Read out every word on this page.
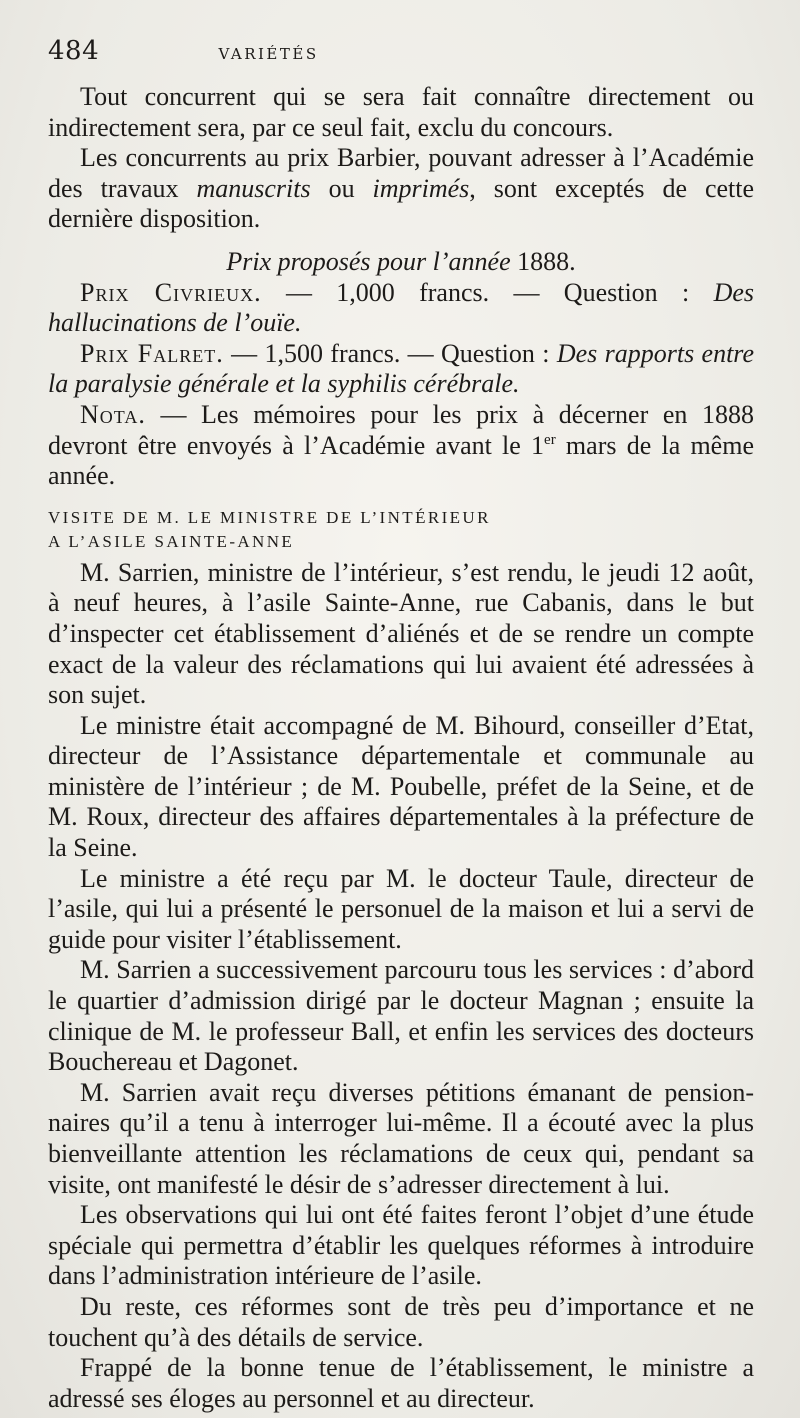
484	VARIÉTÉS

Tout concurrent qui se sera fait connaître directement ou indirectement sera, par ce seul fait, exclu du concours.

Les concurrents au prix Barbier, pouvant adresser à l’Académie des travaux manuscrits ou imprimés, sont exceptés de cette dernière disposition.

Prix proposés pour l’année 1888.

Prix Civrieux. — 1,000 francs. — Question : Des hallucinations de l’ouïe.

Prix Falret. — 1,500 francs. — Question : Des rapports entre la paralysie générale et la syphilis cérébrale.

Nota. — Les mémoires pour les prix à décerner en 1888 devront être envoyés à l’Académie avant le 1er mars de la même année.

VISITE DE M. LE MINISTRE DE L’INTÉRIEUR
A L’ASILE SAINTE-ANNE

M. Sarrien, ministre de l’intérieur, s’est rendu, le jeudi 12 août, à neuf heures, à l’asile Sainte-Anne, rue Cabanis, dans le but d’inspecter cet établissement d’aliénés et de se rendre un compte exact de la valeur des réclamations qui lui avaient été adressées à son sujet.

Le ministre était accompagné de M. Bihourd, conseiller d’Etat, directeur de l’Assistance départementale et communale au ministère de l’intérieur ; de M. Poubelle, préfet de la Seine, et de M. Roux, directeur des affaires départementales à la préfecture de la Seine.

Le ministre a été reçu par M. le docteur Taule, directeur de l’asile, qui lui a présenté le personuel de la maison et lui a servi de guide pour visiter l’établissement.

M. Sarrien a successivement parcouru tous les services : d’abord le quartier d’admission dirigé par le docteur Magnan ; ensuite la clinique de M. le professeur Ball, et enfin les services des docteurs Bouchereau et Dagonet.

M. Sarrien avait reçu diverses pétitions émanant de pensionnaires qu’il a tenu à interroger lui-même. Il a écouté avec la plus bienveillante attention les réclamations de ceux qui, pendant sa visite, ont manifesté le désir de s’adresser directement à lui.

Les observations qui lui ont été faites feront l’objet d’une étude spéciale qui permettra d’établir les quelques réformes à introduire dans l’administration intérieure de l’asile.

Du reste, ces réformes sont de très peu d’importance et ne touchent qu’à des détails de service.

Frappé de la bonne tenue de l’établissement, le ministre a adressé ses éloges au personnel et au directeur.
